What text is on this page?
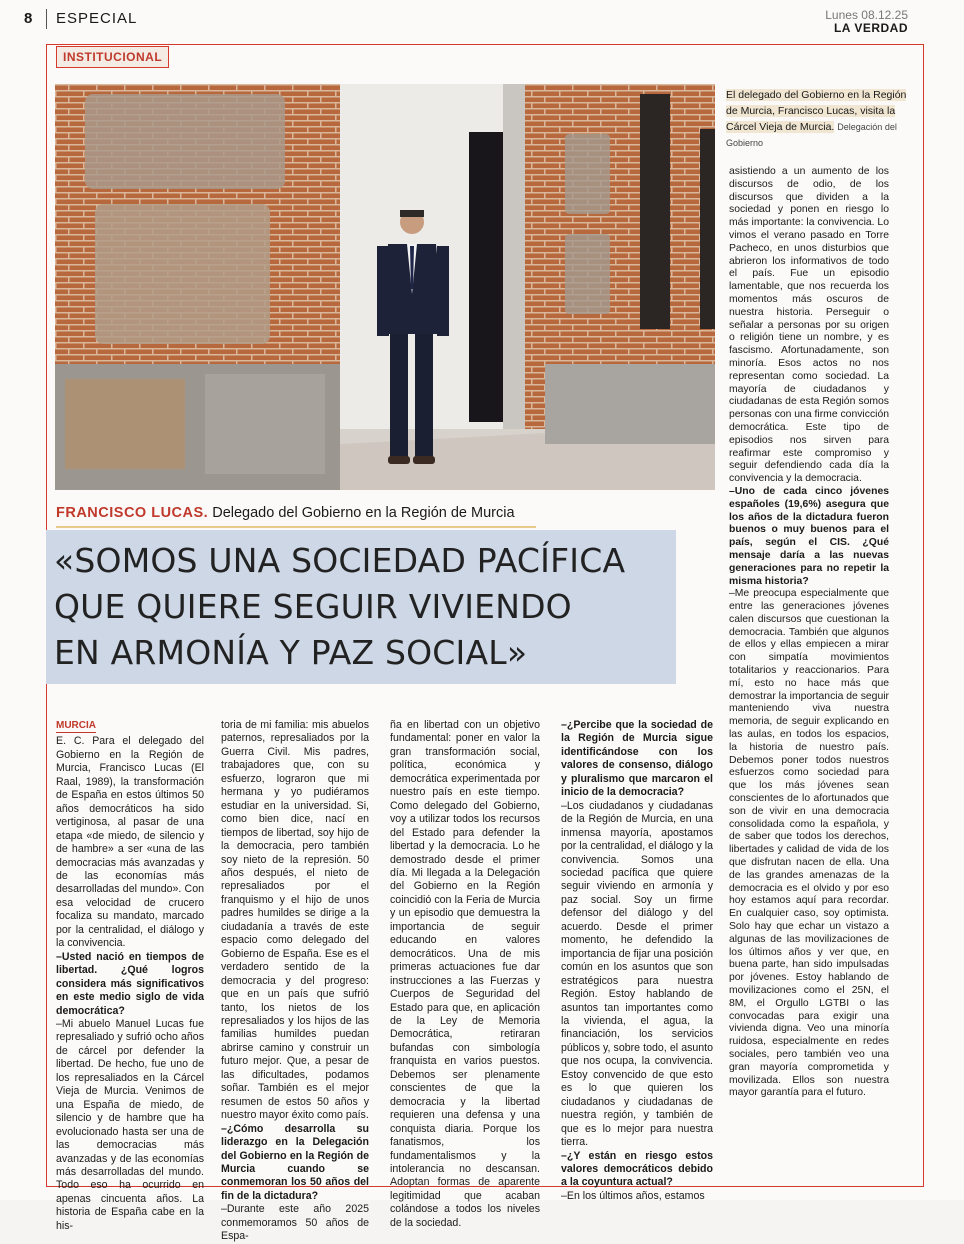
8 ESPECIAL	Lunes 08.12.25
LA VERDAD
INSTITUCIONAL
El delegado del Gobierno en la Región de Murcia, Francisco Lucas, visita la Cárcel Vieja de Murcia. Delegación del Gobierno
FRANCISCO LUCAS. Delegado del Gobierno en la Región de Murcia
«SOMOS UNA SOCIEDAD PACÍFICA
QUE QUIERE SEGUIR VIVIENDO
EN ARMONÍA Y PAZ SOCIAL»
MURCIA

E. C. Para el delegado del Gobierno en la Región de Murcia, Francisco Lucas (El Raal, 1989), la transformación de España en estos últimos 50 años democráticos ha sido vertiginosa, al pasar de una etapa «de miedo, de silencio y de hambre» a ser «una de las democracias más avanzadas y de las economías más desarrolladas del mundo». Con esa velocidad de crucero focaliza su mandato, marcado por la centralidad, el diálogo y la convivencia.

–Usted nació en tiempos de libertad. ¿Qué logros considera más significativos en este medio siglo de vida democrática?

–Mi abuelo Manuel Lucas fue represaliado y sufrió ocho años de cárcel por defender la libertad. De hecho, fue uno de los represaliados en la Cárcel Vieja de Murcia. Venimos de una España de miedo, de silencio y de hambre que ha evolucionado hasta ser una de las democracias más avanzadas y de las economías más desarrolladas del mundo. Todo eso ha ocurrido en apenas cincuenta años. La historia de España cabe en la his-

toria de mi familia: mis abuelos paternos, represaliados por la Guerra Civil. Mis padres, trabajadores que, con su esfuerzo, lograron que mi hermana y yo pudiéramos estudiar en la universidad. Si, como bien dice, nací en tiempos de libertad, soy hijo de la democracia, pero también soy nieto de la represión. 50 años después, el nieto de represaliados por el franquismo y el hijo de unos padres humildes se dirige a la ciudadanía a través de este espacio como delegado del Gobierno de España. Ese es el verdadero sentido de la democracia y del progreso: que en un país que sufrió tanto, los nietos de los represaliados y los hijos de las familias humildes puedan abrirse camino y construir un futuro mejor. Que, a pesar de las dificultades, podamos soñar. También es el mejor resumen de estos 50 años y nuestro mayor éxito como país.

–¿Cómo desarrolla su liderazgo en la Delegación del Gobierno en la Región de Murcia cuando se conmemoran los 50 años del fin de la dictadura?

–Durante este año 2025 conmemoramos 50 años de Espa-

ña en libertad con un objetivo fundamental: poner en valor la gran transformación social, política, económica y democrática experimentada por nuestro país en este tiempo. Como delegado del Gobierno, voy a utilizar todos los recursos del Estado para defender la libertad y la democracia. Lo he demostrado desde el primer día. Mi llegada a la Delegación del Gobierno en la Región coincidió con la Feria de Murcia y un episodio que demuestra la importancia de seguir educando en valores democráticos. Una de mis primeras actuaciones fue dar instrucciones a las Fuerzas y Cuerpos de Seguridad del Estado para que, en aplicación de la Ley de Memoria Democrática, retiraran bufandas con simbología franquista en varios puestos. Debemos ser plenamente conscientes de que la democracia y la libertad requieren una defensa y una conquista diaria. Porque los fanatismos, los fundamentalismos y la intolerancia no descansan. Adoptan formas de aparente legitimidad que acaban colándose a todos los niveles de la sociedad.

–¿Percibe que la sociedad de la Región de Murcia sigue identificándose con los valores de consenso, diálogo y pluralismo que marcaron el inicio de la democracia?

–Los ciudadanos y ciudadanas de la Región de Murcia, en una inmensa mayoría, apostamos por la centralidad, el diálogo y la convivencia. Somos una sociedad pacífica que quiere seguir viviendo en armonía y paz social. Soy un firme defensor del diálogo y del acuerdo. Desde el primer momento, he defendido la importancia de fijar una posición común en los asuntos que son estratégicos para nuestra Región. Estoy hablando de asuntos tan importantes como la vivienda, el agua, la financiación, los servicios públicos y, sobre todo, el asunto que nos ocupa, la convivencia. Estoy convencido de que esto es lo que quieren los ciudadanos y ciudadanas de nuestra región, y también de que es lo mejor para nuestra tierra.

–¿Y están en riesgo estos valores democráticos debido a la coyuntura actual?

–En los últimos años, estamos

asistiendo a un aumento de los discursos de odio, de los discursos que dividen a la sociedad y ponen en riesgo lo más importante: la convivencia. Lo vimos el verano pasado en Torre Pacheco, en unos disturbios que abrieron los informativos de todo el país. Fue un episodio lamentable, que nos recuerda los momentos más oscuros de nuestra historia. Perseguir o señalar a personas por su origen o religión tiene un nombre, y es fascismo. Afortunadamente, son minoría. Esos actos no nos representan como sociedad. La mayoría de ciudadanos y ciudadanas de esta Región somos personas con una firme convicción democrática. Este tipo de episodios nos sirven para reafirmar este compromiso y seguir defendiendo cada día la convivencia y la democracia.

–Uno de cada cinco jóvenes españoles (19,6%) asegura que los años de la dictadura fueron buenos o muy buenos para el país, según el CIS. ¿Qué mensaje daría a las nuevas generaciones para no repetir la misma historia?

–Me preocupa especialmente que entre las generaciones jóvenes calen discursos que cuestionan la democracia. También que algunos de ellos y ellas empiecen a mirar con simpatía movimientos totalitarios y reaccionarios. Para mí, esto no hace más que demostrar la importancia de seguir manteniendo viva nuestra memoria, de seguir explicando en las aulas, en todos los espacios, la historia de nuestro país. Debemos poner todos nuestros esfuerzos como sociedad para que los más jóvenes sean conscientes de lo afortunados que son de vivir en una democracia consolidada como la española, y de saber que todos los derechos, libertades y calidad de vida de los que disfrutan nacen de ella. Una de las grandes amenazas de la democracia es el olvido y por eso hoy estamos aquí para recordar. En cualquier caso, soy optimista. Solo hay que echar un vistazo a algunas de las movilizaciones de los últimos años y ver que, en buena parte, han sido impulsadas por jóvenes. Estoy hablando de movilizaciones como el 25N, el 8M, el Orgullo LGTBI o las convocadas para exigir una vivienda digna. Veo una minoría ruidosa, especialmente en redes sociales, pero también veo una gran mayoría comprometida y movilizada. Ellos son nuestra mayor garantía para el futuro.
